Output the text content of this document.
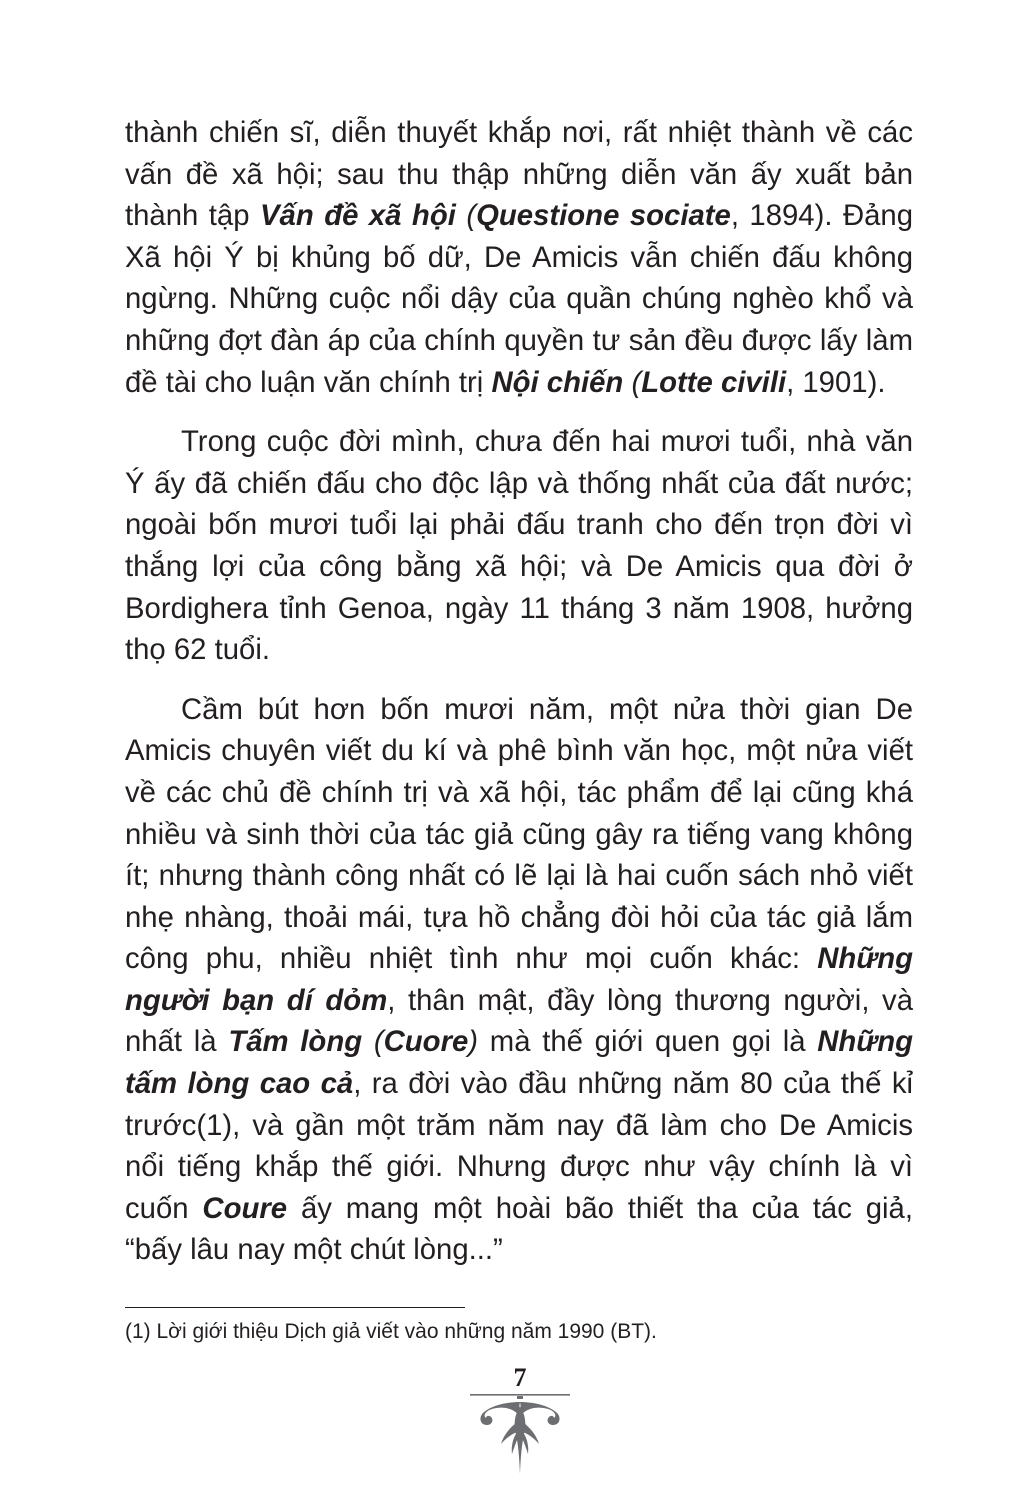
thành chiến sĩ, diễn thuyết khắp nơi, rất nhiệt thành về các vấn đề xã hội; sau thu thập những diễn văn ấy xuất bản thành tập Vấn đề xã hội (Questione sociate, 1894). Đảng Xã hội Ý bị khủng bố dữ, De Amicis vẫn chiến đấu không ngừng. Những cuộc nổi dậy của quần chúng nghèo khổ và những đợt đàn áp của chính quyền tư sản đều được lấy làm đề tài cho luận văn chính trị Nội chiến (Lotte civili, 1901).

Trong cuộc đời mình, chưa đến hai mươi tuổi, nhà văn Ý ấy đã chiến đấu cho độc lập và thống nhất của đất nước; ngoài bốn mươi tuổi lại phải đấu tranh cho đến trọn đời vì thắng lợi của công bằng xã hội; và De Amicis qua đời ở Bordighera tỉnh Genoa, ngày 11 tháng 3 năm 1908, hưởng thọ 62 tuổi.

Cầm bút hơn bốn mươi năm, một nửa thời gian De Amicis chuyên viết du kí và phê bình văn học, một nửa viết về các chủ đề chính trị và xã hội, tác phẩm để lại cũng khá nhiều và sinh thời của tác giả cũng gây ra tiếng vang không ít; nhưng thành công nhất có lẽ lại là hai cuốn sách nhỏ viết nhẹ nhàng, thoải mái, tựa hồ chẳng đòi hỏi của tác giả lắm công phu, nhiều nhiệt tình như mọi cuốn khác: Những người bạn dí dỏm, thân mật, đầy lòng thương người, và nhất là Tấm lòng (Cuore) mà thế giới quen gọi là Những tấm lòng cao cả, ra đời vào đầu những năm 80 của thế kỉ trước(1), và gần một trăm năm nay đã làm cho De Amicis nổi tiếng khắp thế giới. Nhưng được như vậy chính là vì cuốn Coure ấy mang một hoài bão thiết tha của tác giả, “bấy lâu nay một chút lòng...”

(1) Lời giới thiệu Dịch giả viết vào những năm 1990 (BT).
7
